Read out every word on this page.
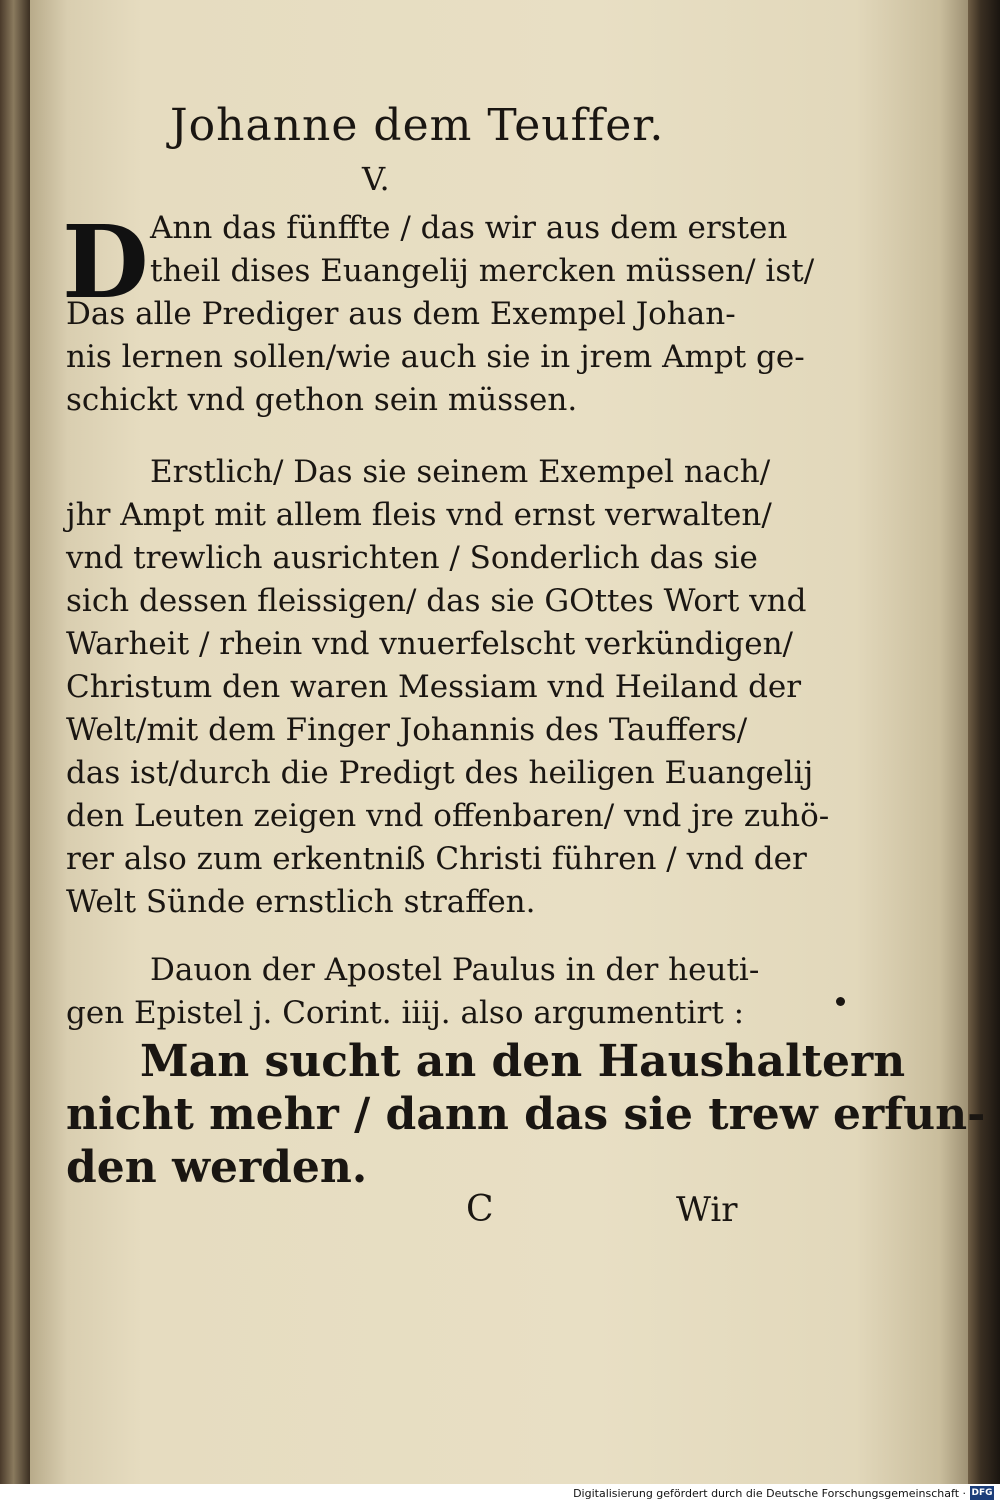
Johanne dem Teuffer.
V.
D Ann das fünffte / das wir aus dem ersten
theil dises Euangelij mercken müssen/ ist/
Das alle Prediger aus dem Exempel Johan-
nis lernen sollen/wie auch sie in jrem Ampt ge-
schickt vnd gethon sein müssen.
Erstlich/ Das sie seinem Exempel nach/
jhr Ampt mit allem fleis vnd ernst verwalten/
vnd trewlich ausrichten / Sonderlich das sie
sich dessen fleissigen/ das sie GOttes Wort vnd
Warheit / rhein vnd vnuerfelscht verkündigen/
Christum den waren Messiam vnd Heiland der
Welt/mit dem Finger Johannis des Tauffers/
das ist/durch die Predigt des heiligen Euangelij
den Leuten zeigen vnd offenbaren/ vnd jre zuhö-
rer also zum erkentniß Christi führen / vnd der
Welt Sünde ernstlich straffen.
Dauon der Apostel Paulus in der heuti-
gen Epistel j. Corint. iiij. also argumentirt :
Man sucht an den Haushaltern
nicht mehr / dann das sie trew erfun-
den werden.
C	Wir
Digitalisierung gefördert durch die Deutsche Forschungsgemeinschaft · DFG
